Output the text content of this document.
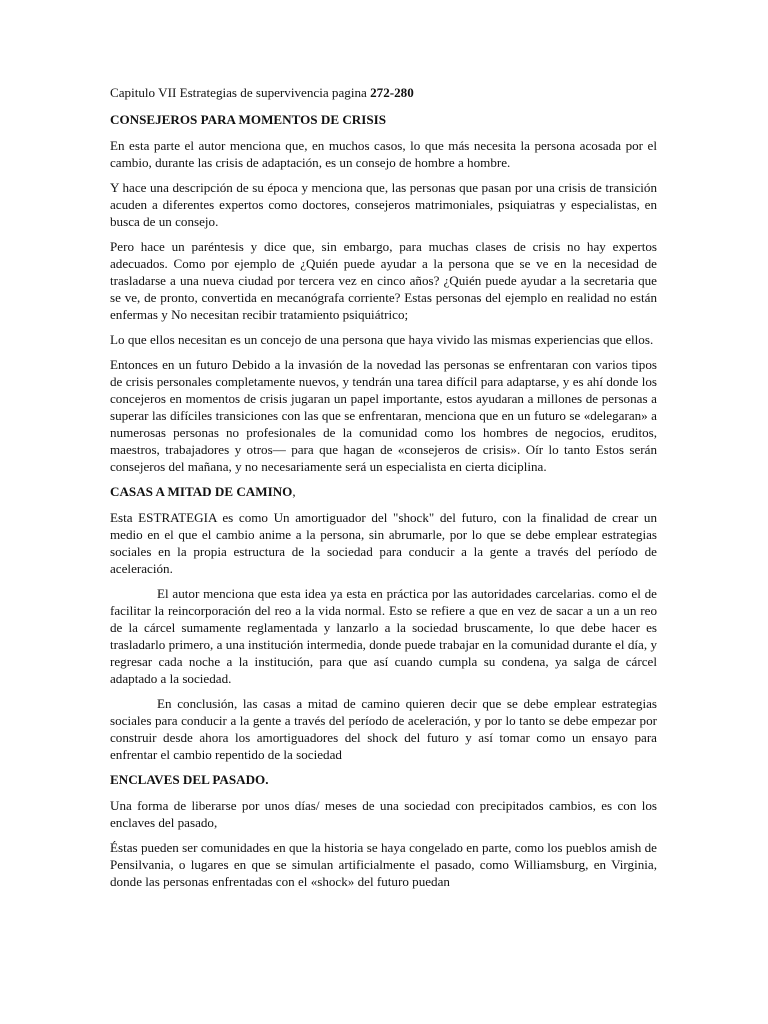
Capitulo VII Estrategias de supervivencia pagina 272-280

CONSEJEROS PARA MOMENTOS DE CRISIS

En esta parte el autor menciona que, en muchos casos, lo que más necesita la persona acosada por el cambio, durante las crisis de adaptación, es un consejo de hombre a hombre.

Y hace una descripción de su época y menciona que, las personas que pasan por una crisis de transición acuden a diferentes expertos como doctores, consejeros matrimoniales, psiquiatras y especialistas, en busca de un consejo.

Pero hace un paréntesis y dice que, sin embargo, para muchas clases de crisis no hay expertos adecuados. Como por ejemplo de ¿Quién puede ayudar a la persona que se ve en la necesidad de trasladarse a una nueva ciudad por tercera vez en cinco años? ¿Quién puede ayudar a la secretaria que se ve, de pronto, convertida en mecanógrafa corriente? Estas personas del ejemplo en realidad no están enfermas y No necesitan recibir tratamiento psiquiátrico;

Lo que ellos necesitan es un concejo de una persona que haya vivido las mismas experiencias que ellos.

Entonces en un futuro Debido a la invasión de la novedad las personas se enfrentaran con varios tipos de crisis personales completamente nuevos, y tendrán una tarea difícil para adaptarse, y es ahí donde los concejeros en momentos de crisis jugaran un papel importante, estos ayudaran a millones de personas a superar las difíciles transiciones con las que se enfrentaran, menciona que en un futuro se «delegaran» a numerosas personas no profesionales de la comunidad como los hombres de negocios, eruditos, maestros, trabajadores y otros— para que hagan de «consejeros de crisis». Oír lo tanto Estos serán consejeros del mañana, y no necesariamente será un especialista en cierta diciplina.

CASAS A MITAD DE CAMINO,

Esta ESTRATEGIA es como Un amortiguador del "shock" del futuro, con la finalidad de crear un medio en el que el cambio anime a la persona, sin abrumarle, por lo que se debe emplear estrategias sociales en la propia estructura de la sociedad para conducir a la gente a través del período de aceleración.

El autor menciona que esta idea ya esta en práctica por las autoridades carcelarias. como el de facilitar la reincorporación del reo a la vida normal. Esto se refiere a que en vez de sacar a un a un reo de la cárcel sumamente reglamentada y lanzarlo a la sociedad bruscamente, lo que debe hacer es trasladarlo primero, a una institución intermedia, donde puede trabajar en la comunidad durante el día, y regresar cada noche a la institución, para que así cuando cumpla su condena, ya salga de cárcel adaptado a la sociedad.

En conclusión, las casas a mitad de camino quieren decir que se debe emplear estrategias sociales para conducir a la gente a través del período de aceleración, y por lo tanto se debe empezar por construir desde ahora los amortiguadores del shock del futuro y así tomar como un ensayo para enfrentar el cambio repentido de la sociedad

ENCLAVES DEL PASADO.

Una forma de liberarse por unos días/ meses de una sociedad con precipitados cambios, es con los enclaves del pasado,

Éstas pueden ser comunidades en que la historia se haya congelado en parte, como los pueblos amish de Pensilvania, o lugares en que se simulan artificialmente el pasado, como Williamsburg, en Virginia, donde las personas enfrentadas con el «shock» del futuro puedan
